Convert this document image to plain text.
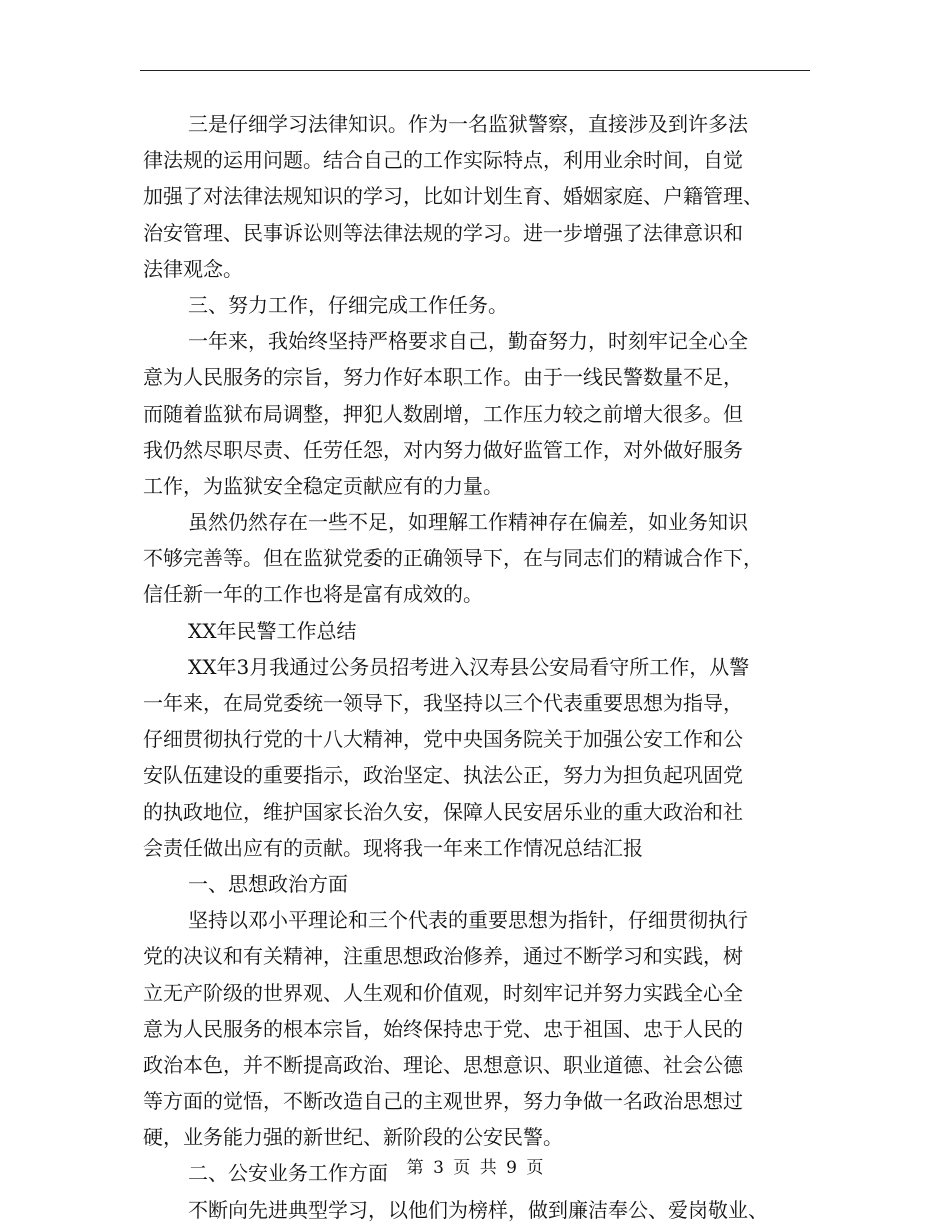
三是仔细学习法律知识。作为一名监狱警察，直接涉及到许多法
律法规的运用问题。结合自己的工作实际特点，利用业余时间，自觉
加强了对法律法规知识的学习，比如计划生育、婚姻家庭、户籍管理、
治安管理、民事诉讼则等法律法规的学习。进一步增强了法律意识和
法律观念。
三、努力工作，仔细完成工作任务。
一年来，我始终坚持严格要求自己，勤奋努力，时刻牢记全心全
意为人民服务的宗旨，努力作好本职工作。由于一线民警数量不足，
而随着监狱布局调整，押犯人数剧增，工作压力较之前增大很多。但
我仍然尽职尽责、任劳任怨，对内努力做好监管工作，对外做好服务
工作，为监狱安全稳定贡献应有的力量。
虽然仍然存在一些不足，如理解工作精神存在偏差，如业务知识
不够完善等。但在监狱党委的正确领导下，在与同志们的精诚合作下，
信任新一年的工作也将是富有成效的。
XX年民警工作总结
XX年3月我通过公务员招考进入汉寿县公安局看守所工作，从警
一年来，在局党委统一领导下，我坚持以三个代表重要思想为指导，
仔细贯彻执行党的十八大精神，党中央国务院关于加强公安工作和公
安队伍建设的重要指示，政治坚定、执法公正，努力为担负起巩固党
的执政地位，维护国家长治久安，保障人民安居乐业的重大政治和社
会责任做出应有的贡献。现将我一年来工作情况总结汇报
一、思想政治方面
坚持以邓小平理论和三个代表的重要思想为指针，仔细贯彻执行
党的决议和有关精神，注重思想政治修养，通过不断学习和实践，树
立无产阶级的世界观、人生观和价值观，时刻牢记并努力实践全心全
意为人民服务的根本宗旨，始终保持忠于党、忠于祖国、忠于人民的
政治本色，并不断提高政治、理论、思想意识、职业道德、社会公德
等方面的觉悟，不断改造自己的主观世界，努力争做一名政治思想过
硬，业务能力强的新世纪、新阶段的公安民警。
二、公安业务工作方面
不断向先进典型学习，以他们为榜样，做到廉洁奉公、爱岗敬业、
第 3 页 共 9 页
